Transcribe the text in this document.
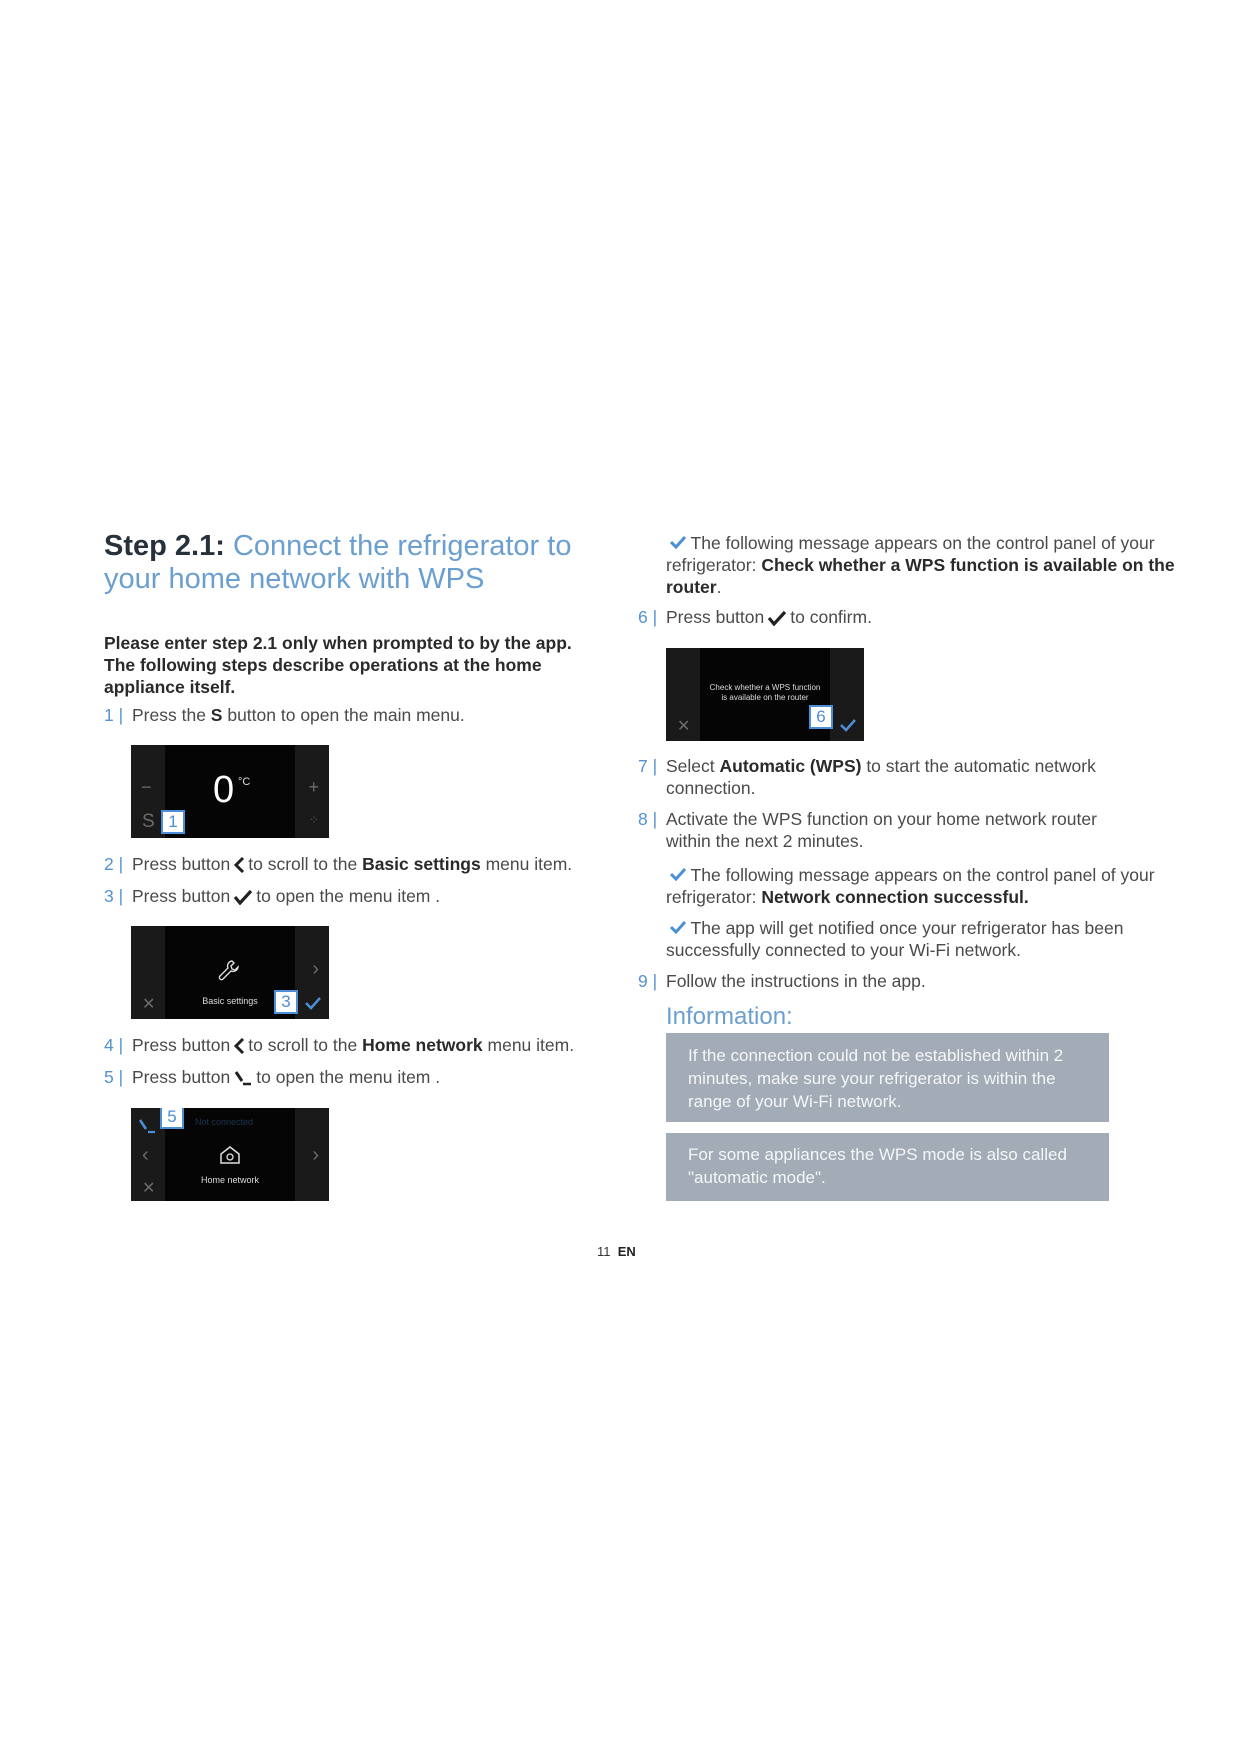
Step 2.1: Connect the refrigerator to your home network with WPS
Please enter step 2.1 only when prompted to by the app. The following steps describe operations at the home appliance itself.
1 | Press the S button to open the main menu.
−	+
0 °C
S 1	⁘
2 | Press button to scroll to the Basic settings menu item.
3 | Press button to open the menu item .
✕
›
Basic settings	3
4 | Press button to scroll to the Home network menu item.
5 | Press button to open the menu item .
5	Not connected
‹	›
Home network
✕
The following message appears on the control panel of your refrigerator: Check whether a WPS function is available on the router.
6 | Press button to confirm.
Check whether a WPS function
is available on the router
✕
6
7 | Select Automatic (WPS) to start the automatic network connection.
8 | Activate the WPS function on your home network router within the next 2 minutes.
The following message appears on the control panel of your refrigerator: Network connection successful.
The app will get notified once your refrigerator has been successfully connected to your Wi-Fi network.
9 | Follow the instructions in the app.
Information:
If the connection could not be established within 2 minutes, make sure your refrigerator is within the range of your Wi-Fi network.
For some appliances the WPS mode is also called "automatic mode".
11 EN
